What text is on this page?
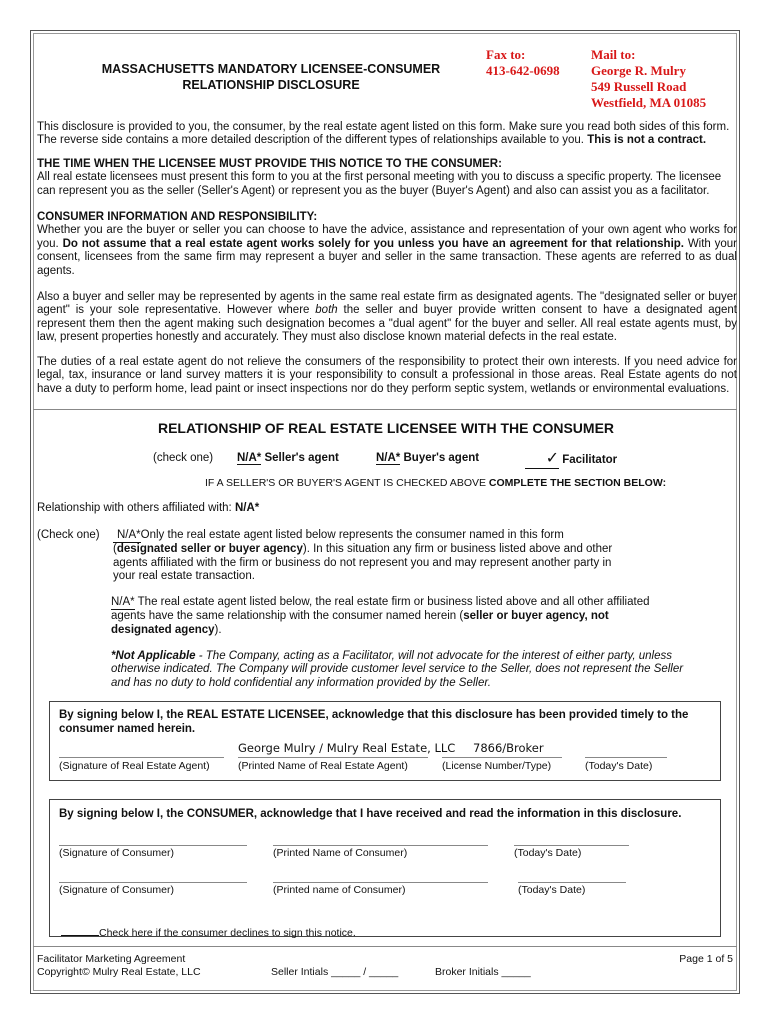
MASSACHUSETTS MANDATORY LICENSEE-CONSUMER
RELATIONSHIP DISCLOSURE
Fax to:
413-642-0698
Mail to:
George R. Mulry
549 Russell Road
Westfield, MA 01085
This disclosure is provided to you, the consumer, by the real estate agent listed on this form. Make sure you read both sides of this form. The reverse side contains a more detailed description of the different types of relationships available to you. This is not a contract.
THE TIME WHEN THE LICENSEE MUST PROVIDE THIS NOTICE TO THE CONSUMER:
All real estate licensees must present this form to you at the first personal meeting with you to discuss a specific property. The licensee can represent you as the seller (Seller's Agent) or represent you as the buyer (Buyer's Agent) and also can assist you as a facilitator.
CONSUMER INFORMATION AND RESPONSIBILITY:
Whether you are the buyer or seller you can choose to have the advice, assistance and representation of your own agent who works for you. Do not assume that a real estate agent works solely for you unless you have an agreement for that relationship. With your consent, licensees from the same firm may represent a buyer and seller in the same transaction. These agents are referred to as dual agents.
Also a buyer and seller may be represented by agents in the same real estate firm as designated agents. The "designated seller or buyer agent" is your sole representative. However where both the seller and buyer provide written consent to have a designated agent represent them then the agent making such designation becomes a "dual agent" for the buyer and seller. All real estate agents must, by law, present properties honestly and accurately. They must also disclose known material defects in the real estate.
The duties of a real estate agent do not relieve the consumers of the responsibility to protect their own interests. If you need advice for legal, tax, insurance or land survey matters it is your responsibility to consult a professional in those areas. Real Estate agents do not have a duty to perform home, lead paint or insect inspections nor do they perform septic system, wetlands or environmental evaluations.
RELATIONSHIP OF REAL ESTATE LICENSEE WITH THE CONSUMER
(check one) N/A* Seller's agent	N/A* Buyer's agent	✓ Facilitator
IF A SELLER'S OR BUYER'S AGENT IS CHECKED ABOVE COMPLETE THE SECTION BELOW:
Relationship with others affiliated with: N/A*
(Check one)	N/A*Only the real estate agent listed below represents the consumer named in this form (designated seller or buyer agency). In this situation any firm or business listed above and other agents affiliated with the firm or business do not represent you and may represent another party in your real estate transaction.
N/A* The real estate agent listed below, the real estate firm or business listed above and all other affiliated agents have the same relationship with the consumer named herein (seller or buyer agency, not designated agency).
*Not Applicable - The Company, acting as a Facilitator, will not advocate for the interest of either party, unless otherwise indicated. The Company will provide customer level service to the Seller, does not represent the Seller and has no duty to hold confidential any information provided by the Seller.
By signing below I, the REAL ESTATE LICENSEE, acknowledge that this disclosure has been provided timely to the consumer named herein.
George Mulry / Mulry Real Estate, LLC 7866/Broker
(Signature of Real Estate Agent)	(Printed Name of Real Estate Agent)	(License Number/Type)	(Today's Date)
By signing below I, the CONSUMER, acknowledge that I have received and read the information in this disclosure.
(Signature of Consumer)	(Printed Name of Consumer)	(Today's Date)
(Signature of Consumer)	(Printed name of Consumer)	(Today's Date)
Check here if the consumer declines to sign this notice.
Facilitator Marketing Agreement
Copyright© Mulry Real Estate, LLC	Seller Intials _____ / _____	Broker Initials _____
Page 1 of 5
